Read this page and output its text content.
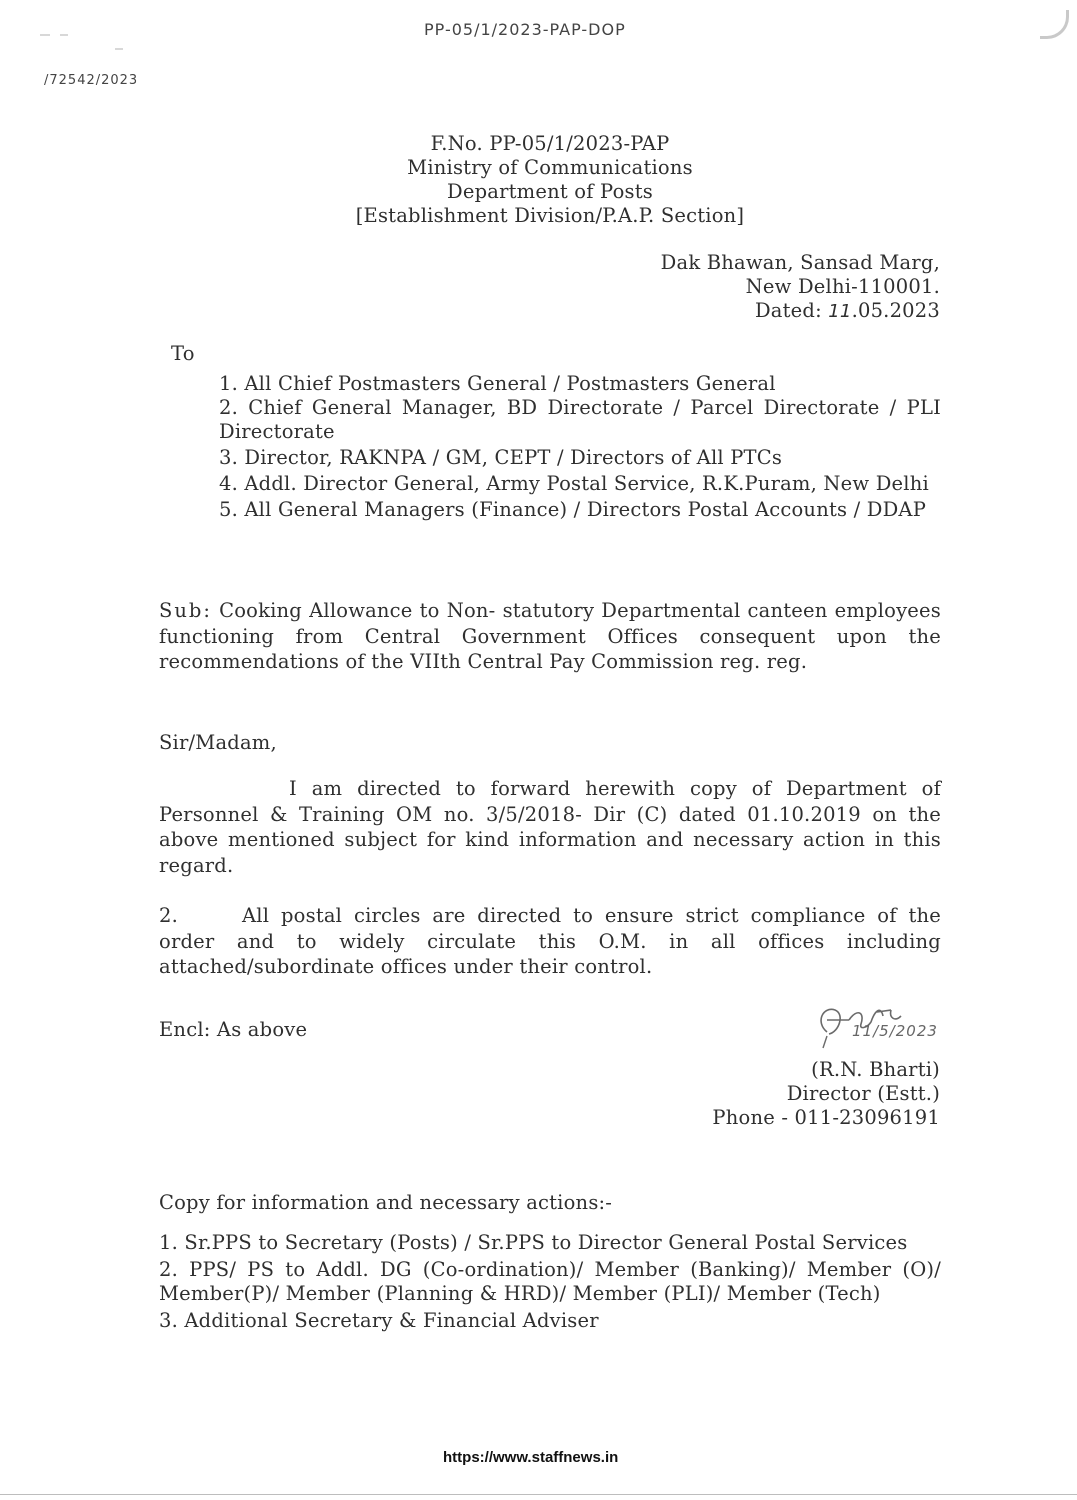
PP-05/1/2023-PAP-DOP
/72542/2023
F.No. PP-05/1/2023-PAP
Ministry of Communications
Department of Posts
[Establishment Division/P.A.P. Section]
Dak Bhawan, Sansad Marg,
New Delhi-110001.
Dated: 11.05.2023
To
1. All Chief Postmasters General / Postmasters General
2. Chief General Manager, BD Directorate / Parcel Directorate / PLI Directorate
3. Director, RAKNPA / GM, CEPT / Directors of All PTCs
4. Addl. Director General, Army Postal Service, R.K.Puram, New Delhi
5. All General Managers (Finance) / Directors Postal Accounts / DDAP
Sub: Cooking Allowance to Non- statutory Departmental canteen employees functioning from Central Government Offices consequent upon the recommendations of the VIIth Central Pay Commission reg. reg.
Sir/Madam,
I am directed to forward herewith copy of Department of Personnel & Training OM no. 3/5/2018- Dir (C) dated 01.10.2019 on the above mentioned subject for kind information and necessary action in this regard.
2.	All postal circles are directed to ensure strict compliance of the order and to widely circulate this O.M. in all offices including attached/subordinate offices under their control.
Encl: As above	11/5/2023
(R.N. Bharti)
Director (Estt.)
Phone - 011-23096191
Copy for information and necessary actions:-
1. Sr.PPS to Secretary (Posts) / Sr.PPS to Director General Postal Services
2. PPS/ PS to Addl. DG (Co-ordination)/ Member (Banking)/ Member (O)/ Member(P)/ Member (Planning & HRD)/ Member (PLI)/ Member (Tech)
3. Additional Secretary & Financial Adviser
https://www.staffnews.in
